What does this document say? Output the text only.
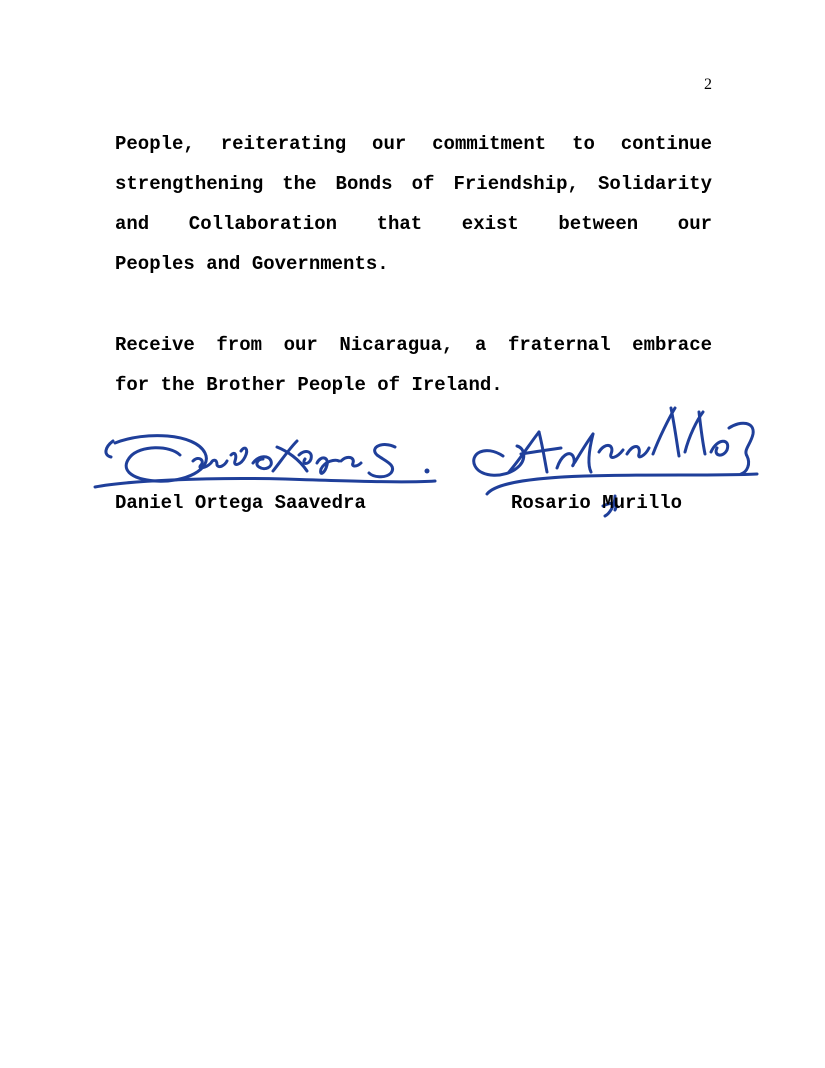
2
People, reiterating our commitment to continue
strengthening the Bonds of Friendship, Solidarity
and Collaboration that exist between our
Peoples and Governments.
Receive from our Nicaragua, a fraternal embrace
for the Brother People of Ireland.
Daniel Ortega Saavedra	Rosario Murillo
